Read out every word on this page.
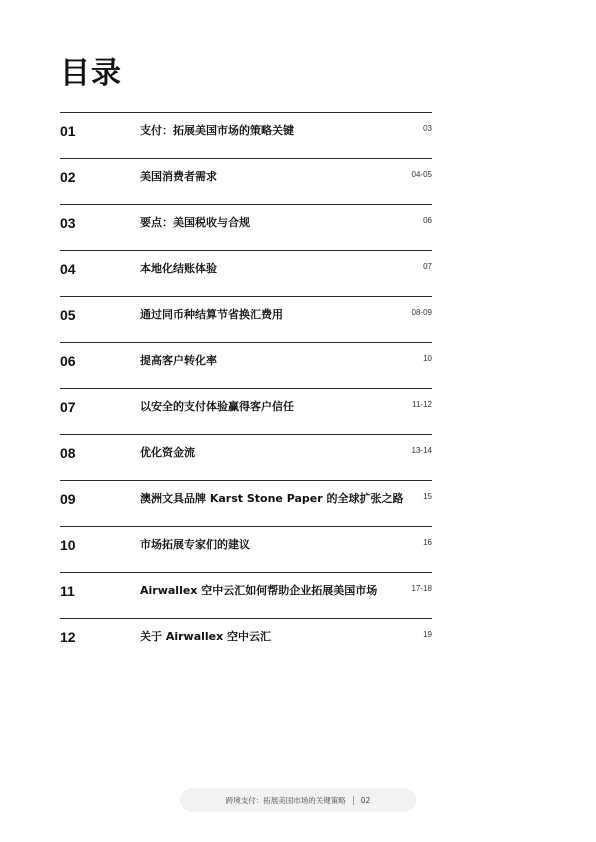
目录
01	支付：拓展美国市场的策略关键	03
02	美国消费者需求	04-05
03	要点：美国税收与合规	06
04	本地化结账体验	07
05	通过同币种结算节省换汇费用	08-09
06	提高客户转化率	10
07	以安全的支付体验赢得客户信任	11-12
08	优化资金流	13-14
09	澳洲文具品牌 Karst Stone Paper 的全球扩张之路 15
10	市场拓展专家们的建议	16
11	Airwallex 空中云汇如何帮助企业拓展美国市场	17-18
12	关于 Airwallex 空中云汇	19
跨境支付：拓展美国市场的关键策略 02
